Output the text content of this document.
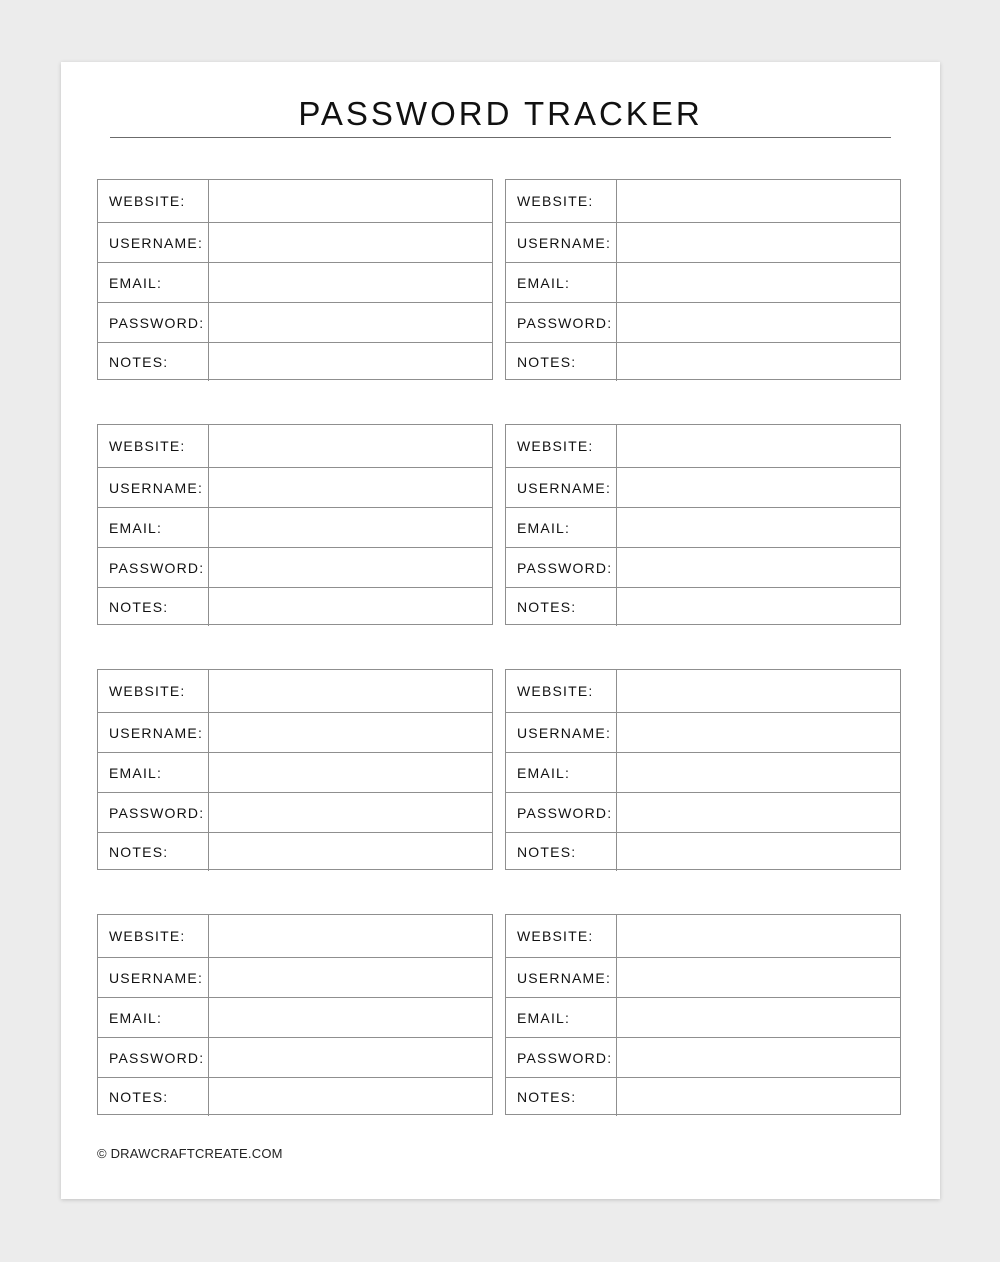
PASSWORD TRACKER
WEBSITE:
USERNAME:
EMAIL:
PASSWORD:
NOTES:
WEBSITE:
USERNAME:
EMAIL:
PASSWORD:
NOTES:
WEBSITE:
USERNAME:
EMAIL:
PASSWORD:
NOTES:
WEBSITE:
USERNAME:
EMAIL:
PASSWORD:
NOTES:
WEBSITE:
USERNAME:
EMAIL:
PASSWORD:
NOTES:
WEBSITE:
USERNAME:
EMAIL:
PASSWORD:
NOTES:
WEBSITE:
USERNAME:
EMAIL:
PASSWORD:
NOTES:
WEBSITE:
USERNAME:
EMAIL:
PASSWORD:
NOTES:
© DRAWCRAFTCREATE.COM
